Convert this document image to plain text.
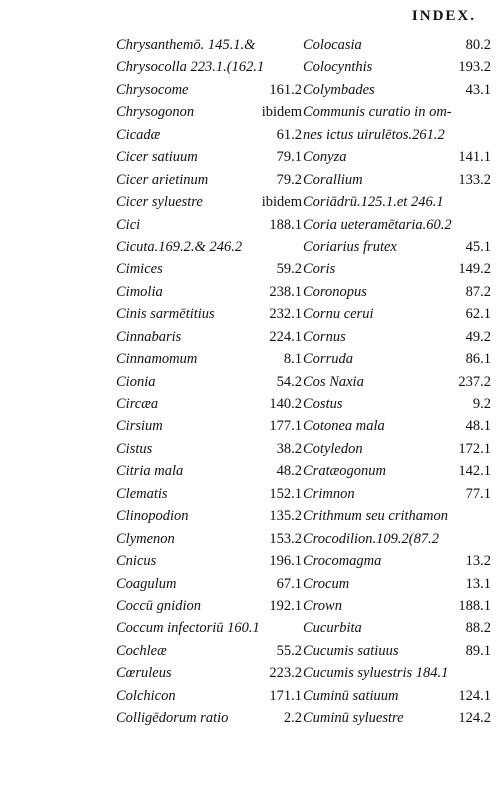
INDEX.
Chrysanthemō. 145.1.&
Chrysocolla 223.1.(162.1
Chrysocome	161.2
Chrysogonon	ibidem
Cicadæ	61.2
Cicer satiuum	79.1
Cicer arietinum	79.2
Cicer syluestre	ibidem
Cici	188.1
Cicuta.169.2.& 246.2
Cimices	59.2
Cimolia	238.1
Cinis sarmētitius	232.1
Cinnabaris	224.1
Cinnamomum	8.1
Cionia	54.2
Circæa	140.2
Cirsium	177.1
Cistus	38.2
Citria mala	48.2
Clematis	152.1
Clinopodion	135.2
Clymenon	153.2
Cnicus	196.1
Coagulum	67.1
Coccū gnidion	192.1
Coccum infectoriū 160.1
Cochleæ	55.2
Cœruleus	223.2
Colchicon	171.1
Colligēdorum ratio	2.2
Colocasia	80.2
Colocynthis	193.2
Colymbades	43.1
Communis curatio in om-
nes ictus uirulētos.261.2
Conyza	141.1
Corallium	133.2
Coriādrū.125.1.et 246.1
Coria ueteramētaria.60.2
Coriarius frutex	45.1
Coris	149.2
Coronopus	87.2
Cornu cerui	62.1
Cornus	49.2
Corruda	86.1
Cos Naxia	237.2
Costus	9.2
Cotonea mala	48.1
Cotyledon	172.1
Cratæogonum	142.1
Crimnon	77.1
Crithmum seu crithamon
Crocodilion.109.2(87.2
Crocomagma	13.2
Crocum	13.1
Crown	188.1
Cucurbita	88.2
Cucumis satiuus	89.1
Cucumis syluestris 184.1
Cuminū satiuum	124.1
Cuminū syluestre	124.2
